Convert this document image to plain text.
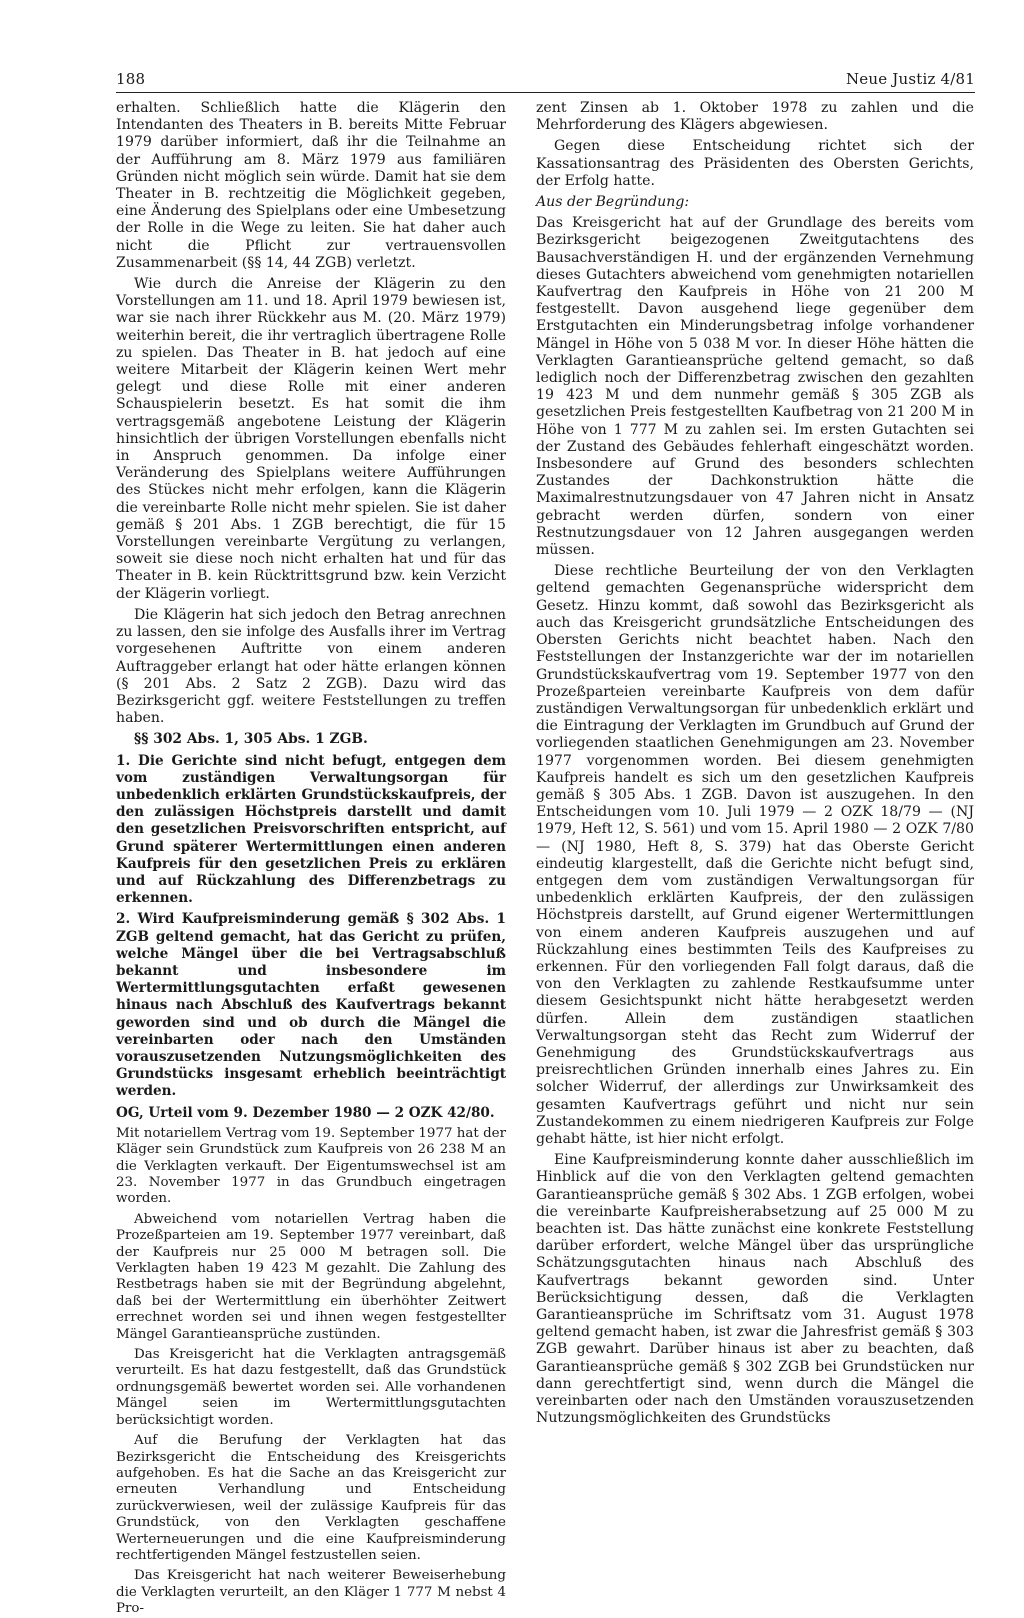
188	Neue Justiz 4/81

erhalten. Schließlich hatte die Klägerin den Intendanten des Theaters in B. bereits Mitte Februar 1979 darüber informiert, daß ihr die Teilnahme an der Aufführung am 8. März 1979 aus familiären Gründen nicht möglich sein würde. Damit hat sie dem Theater in B. rechtzeitig die Möglichkeit gegeben, eine Änderung des Spielplans oder eine Umbesetzung der Rolle in die Wege zu leiten. Sie hat daher auch nicht die Pflicht zur vertrauensvollen Zusammenarbeit (§§ 14, 44 ZGB) verletzt.

Wie durch die Anreise der Klägerin zu den Vorstellungen am 11. und 18. April 1979 bewiesen ist, war sie nach ihrer Rückkehr aus M. (20. März 1979) weiterhin bereit, die ihr vertraglich übertragene Rolle zu spielen. Das Theater in B. hat jedoch auf eine weitere Mitarbeit der Klägerin keinen Wert mehr gelegt und diese Rolle mit einer anderen Schauspielerin besetzt. Es hat somit die ihm vertragsgemäß angebotene Leistung der Klägerin hinsichtlich der übrigen Vorstellungen ebenfalls nicht in Anspruch genommen. Da infolge einer Veränderung des Spielplans weitere Aufführungen des Stückes nicht mehr erfolgen, kann die Klägerin die vereinbarte Rolle nicht mehr spielen. Sie ist daher gemäß § 201 Abs. 1 ZGB berechtigt, die für 15 Vorstellungen vereinbarte Vergütung zu verlangen, soweit sie diese noch nicht erhalten hat und für das Theater in B. kein Rücktrittsgrund bzw. kein Verzicht der Klägerin vorliegt.

Die Klägerin hat sich jedoch den Betrag anrechnen zu lassen, den sie infolge des Ausfalls ihrer im Vertrag vorgesehenen Auftritte von einem anderen Auftraggeber erlangt hat oder hätte erlangen können (§ 201 Abs. 2 Satz 2 ZGB). Dazu wird das Bezirksgericht ggf. weitere Feststellungen zu treffen haben.

§§ 302 Abs. 1, 305 Abs. 1 ZGB.

1. Die Gerichte sind nicht befugt, entgegen dem vom zuständigen Verwaltungsorgan für unbedenklich erklärten Grundstückskaufpreis, der den zulässigen Höchstpreis darstellt und damit den gesetzlichen Preisvorschriften entspricht, auf Grund späterer Wertermittlungen einen anderen Kaufpreis für den gesetzlichen Preis zu erklären und auf Rückzahlung des Differenzbetrags zu erkennen.

2. Wird Kaufpreisminderung gemäß § 302 Abs. 1 ZGB geltend gemacht, hat das Gericht zu prüfen, welche Mängel über die bei Vertragsabschluß bekannt und insbesondere im Wertermittlungsgutachten erfaßt gewesenen hinaus nach Abschluß des Kaufvertrags bekannt geworden sind und ob durch die Mängel die vereinbarten oder nach den Umständen vorauszusetzenden Nutzungsmöglichkeiten des Grundstücks insgesamt erheblich beeinträchtigt werden.

OG, Urteil vom 9. Dezember 1980 — 2 OZK 42/80.

Mit notariellem Vertrag vom 19. September 1977 hat der Kläger sein Grundstück zum Kaufpreis von 26 238 M an die Verklagten verkauft. Der Eigentumswechsel ist am 23. November 1977 in das Grundbuch eingetragen worden.

Abweichend vom notariellen Vertrag haben die Prozeßparteien am 19. September 1977 vereinbart, daß der Kaufpreis nur 25 000 M betragen soll. Die Verklagten haben 19 423 M gezahlt. Die Zahlung des Restbetrags haben sie mit der Begründung abgelehnt, daß bei der Wertermittlung ein überhöhter Zeitwert errechnet worden sei und ihnen wegen festgestellter Mängel Garantieansprüche zustünden.

Das Kreisgericht hat die Verklagten antragsgemäß verurteilt. Es hat dazu festgestellt, daß das Grundstück ordnungsgemäß bewertet worden sei. Alle vorhandenen Mängel seien im Wertermittlungsgutachten berücksichtigt worden.

Auf die Berufung der Verklagten hat das Bezirksgericht die Entscheidung des Kreisgerichts aufgehoben. Es hat die Sache an das Kreisgericht zur erneuten Verhandlung und Entscheidung zurückverwiesen, weil der zulässige Kaufpreis für das Grundstück, von den Verklagten geschaffene Werterneuerungen und die eine Kaufpreisminderung rechtfertigenden Mängel festzustellen seien.

Das Kreisgericht hat nach weiterer Beweiserhebung die Verklagten verurteilt, an den Kläger 1 777 M nebst 4 Pro-

zent Zinsen ab 1. Oktober 1978 zu zahlen und die Mehrforderung des Klägers abgewiesen.

Gegen diese Entscheidung richtet sich der Kassationsantrag des Präsidenten des Obersten Gerichts, der Erfolg hatte.

Aus der Begründung:

Das Kreisgericht hat auf der Grundlage des bereits vom Bezirksgericht beigezogenen Zweitgutachtens des Bausachverständigen H. und der ergänzenden Vernehmung dieses Gutachters abweichend vom genehmigten notariellen Kaufvertrag den Kaufpreis in Höhe von 21 200 M festgestellt. Davon ausgehend liege gegenüber dem Erstgutachten ein Minderungsbetrag infolge vorhandener Mängel in Höhe von 5 038 M vor. In dieser Höhe hätten die Verklagten Garantieansprüche geltend gemacht, so daß lediglich noch der Differenzbetrag zwischen den gezahlten 19 423 M und dem nunmehr gemäß § 305 ZGB als gesetzlichen Preis festgestellten Kaufbetrag von 21 200 M in Höhe von 1 777 M zu zahlen sei. Im ersten Gutachten sei der Zustand des Gebäudes fehlerhaft eingeschätzt worden. Insbesondere auf Grund des besonders schlechten Zustandes der Dachkonstruktion hätte die Maximalrestnutzungsdauer von 47 Jahren nicht in Ansatz gebracht werden dürfen, sondern von einer Restnutzungsdauer von 12 Jahren ausgegangen werden müssen.

Diese rechtliche Beurteilung der von den Verklagten geltend gemachten Gegenansprüche widerspricht dem Gesetz. Hinzu kommt, daß sowohl das Bezirksgericht als auch das Kreisgericht grundsätzliche Entscheidungen des Obersten Gerichts nicht beachtet haben. Nach den Feststellungen der Instanzgerichte war der im notariellen Grundstückskaufvertrag vom 19. September 1977 von den Prozeßparteien vereinbarte Kaufpreis von dem dafür zuständigen Verwaltungsorgan für unbedenklich erklärt und die Eintragung der Verklagten im Grundbuch auf Grund der vorliegenden staatlichen Genehmigungen am 23. November 1977 vorgenommen worden. Bei diesem genehmigten Kaufpreis handelt es sich um den gesetzlichen Kaufpreis gemäß § 305 Abs. 1 ZGB. Davon ist auszugehen. In den Entscheidungen vom 10. Juli 1979 — 2 OZK 18/79 — (NJ 1979, Heft 12, S. 561) und vom 15. April 1980 — 2 OZK 7/80 — (NJ 1980, Heft 8, S. 379) hat das Oberste Gericht eindeutig klargestellt, daß die Gerichte nicht befugt sind, entgegen dem vom zuständigen Verwaltungsorgan für unbedenklich erklärten Kaufpreis, der den zulässigen Höchstpreis darstellt, auf Grund eigener Wertermittlungen von einem anderen Kaufpreis auszugehen und auf Rückzahlung eines bestimmten Teils des Kaufpreises zu erkennen. Für den vorliegenden Fall folgt daraus, daß die von den Verklagten zu zahlende Restkaufsumme unter diesem Gesichtspunkt nicht hätte herabgesetzt werden dürfen. Allein dem zuständigen staatlichen Verwaltungsorgan steht das Recht zum Widerruf der Genehmigung des Grundstückskaufvertrags aus preisrechtlichen Gründen innerhalb eines Jahres zu. Ein solcher Widerruf, der allerdings zur Unwirksamkeit des gesamten Kaufvertrags geführt und nicht nur sein Zustandekommen zu einem niedrigeren Kaufpreis zur Folge gehabt hätte, ist hier nicht erfolgt.

Eine Kaufpreisminderung konnte daher ausschließlich im Hinblick auf die von den Verklagten geltend gemachten Garantieansprüche gemäß § 302 Abs. 1 ZGB erfolgen, wobei die vereinbarte Kaufpreisherabsetzung auf 25 000 M zu beachten ist. Das hätte zunächst eine konkrete Feststellung darüber erfordert, welche Mängel über das ursprüngliche Schätzungsgutachten hinaus nach Abschluß des Kaufvertrags bekannt geworden sind. Unter Berücksichtigung dessen, daß die Verklagten Garantieansprüche im Schriftsatz vom 31. August 1978 geltend gemacht haben, ist zwar die Jahresfrist gemäß § 303 ZGB gewahrt. Darüber hinaus ist aber zu beachten, daß Garantieansprüche gemäß § 302 ZGB bei Grundstücken nur dann gerechtfertigt sind, wenn durch die Mängel die vereinbarten oder nach den Umständen vorauszusetzenden Nutzungsmöglichkeiten des Grundstücks
